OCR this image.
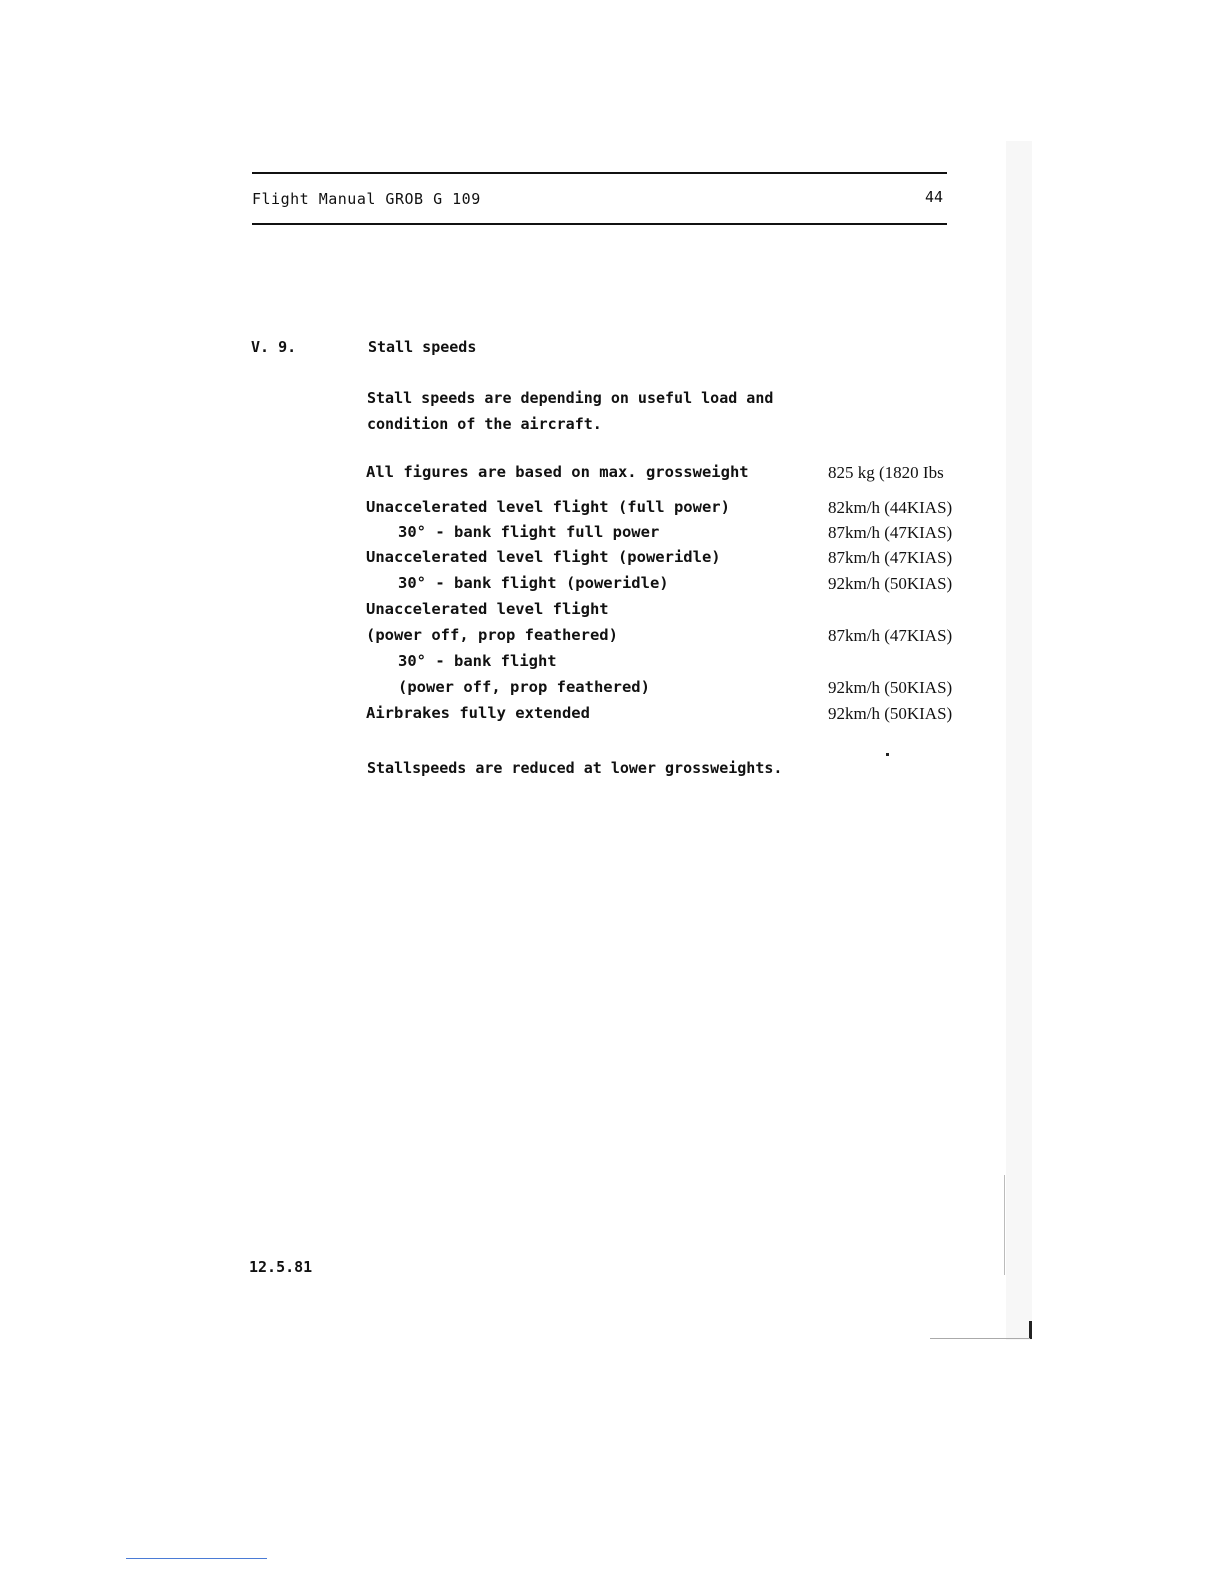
Flight Manual GROB G 109	44
V. 9.	Stall speeds
Stall speeds are depending on useful load and
condition of the aircraft.
All figures are based on max. grossweight	825 kg (1820 Ibs
Unaccelerated level flight (full power)	82km/h (44KIAS)
30° - bank flight full power	87km/h (47KIAS)
Unaccelerated level flight (poweridle)	87km/h (47KIAS)
30° - bank flight (poweridle)	92km/h (50KIAS)
Unaccelerated level flight
(power off, prop feathered)	87km/h (47KIAS)
30° - bank flight
(power off, prop feathered)	92km/h (50KIAS)
Airbrakes fully extended	92km/h (50KIAS)
Stallspeeds are reduced at lower grossweights.
12.5.81
